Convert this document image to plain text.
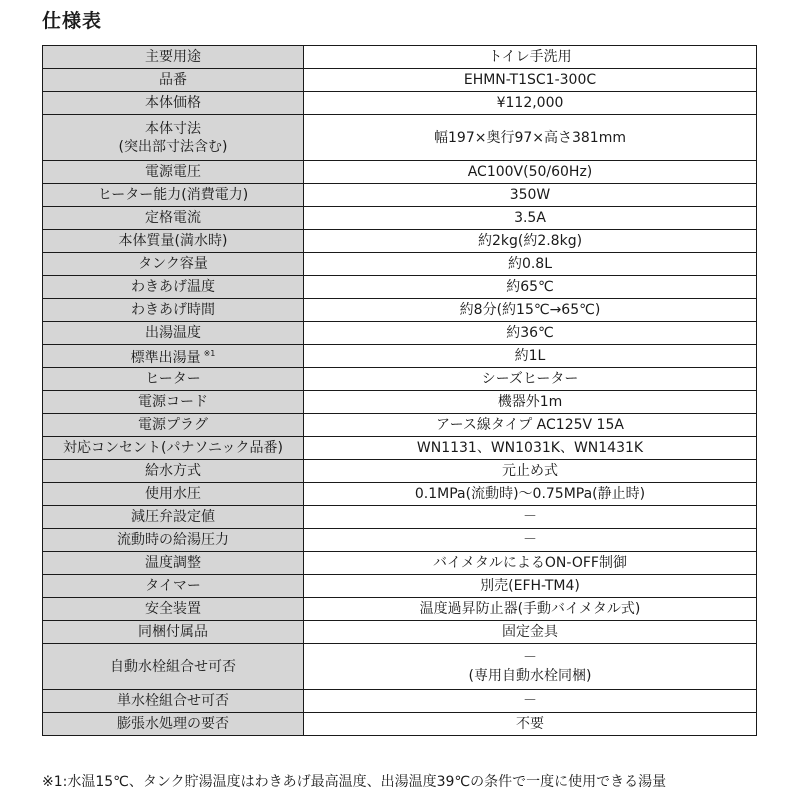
仕様表
主要用途	トイレ手洗用
品番	EHMN-T1SC1-300C
本体価格	¥112,000

本体寸法
(突出部寸法含む)	幅197×奥行97×高さ381mm
電源電圧	AC100V(50/60Hz)
ヒーター能力(消費電力)	350W
定格電流	3.5A
本体質量(満水時)	約2kg(約2.8kg)
タンク容量	約0.8L
わきあげ温度	約65℃
わきあげ時間	約8分(約15℃→65℃)
出湯温度	約36℃
標準出湯量 $^{※1}$	約1L
ヒーター	シーズヒーター
電源コード	機器外1m
電源プラグ	アース線タイプ AC125V 15A
対応コンセント(パナソニック品番)	WN1131、WN1031K、WN1431K
給水方式	元止め式
使用水圧	0.1MPa(流動時)～0.75MPa(静止時)
減圧弁設定値	－
流動時の給湯圧力	－
温度調整	バイメタルによるON-OFF制御
タイマー	別売(EFH-TM4)
安全装置	温度過昇防止器(手動バイメタル式)
同梱付属品	固定金具
自動水栓組合せ可否	－
(専用自動水栓同梱)

単水栓組合せ可否	－
膨張水処理の要否	不要
※1:水温15℃、タンク貯湯温度はわきあげ最高温度、出湯温度39℃の条件で一度に使用できる湯量
